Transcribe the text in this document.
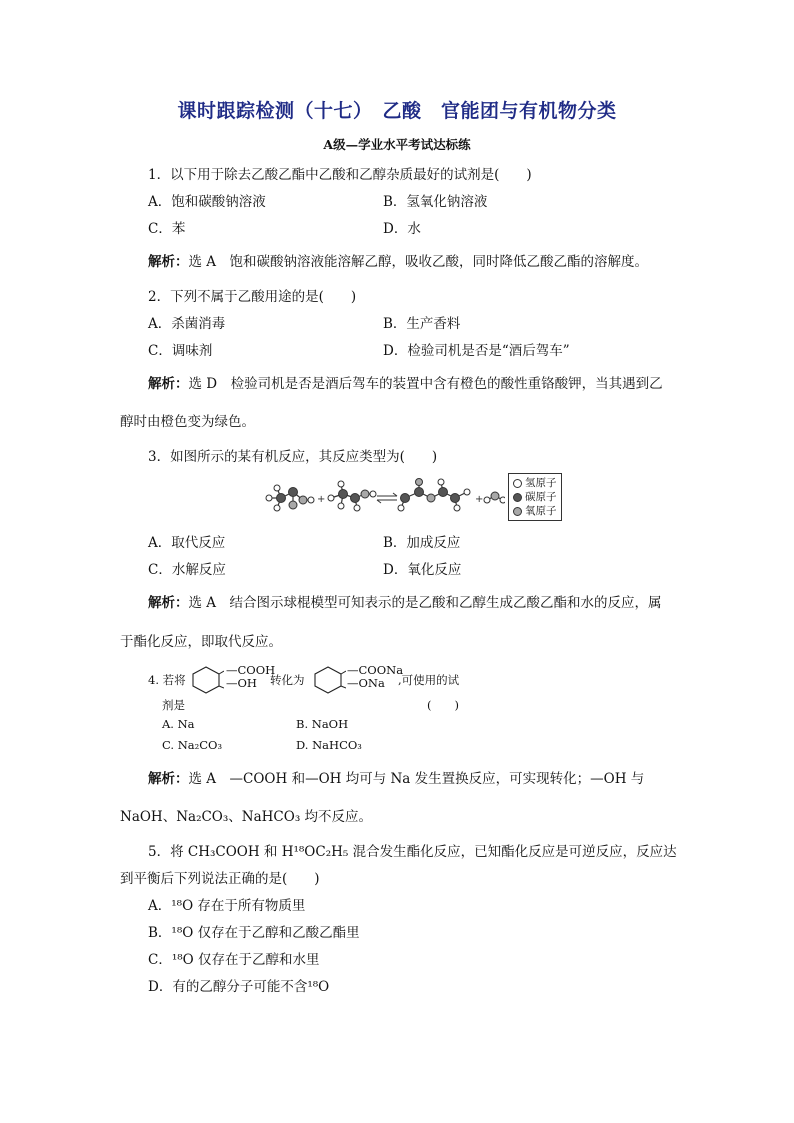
课时跟踪检测（十七）　乙酸　官能团与有机物分类
A级—学业水平考试达标练
1．以下用于除去乙酸乙酯中乙酸和乙醇杂质最好的试剂是(　　)
A．饱和碳酸钠溶液	B．氢氧化钠溶液
C．苯	D．水
解析：选 A　饱和碳酸钠溶液能溶解乙醇，吸收乙酸，同时降低乙酸乙酯的溶解度。
2．下列不属于乙酸用途的是(　　)
A．杀菌消毒	B．生产香料
C．调味剂	D．检验司机是否是“酒后驾车”
解析：选 D　检验司机是否是酒后驾车的装置中含有橙色的酸性重铬酸钾，当其遇到乙
醇时由橙色变为绿色。
3．如图所示的某有机反应，其反应类型为(　　)
+	+
氢原子
碳原子
氧原子
A．取代反应	B．加成反应
C．水解反应	D．氧化反应
解析：选 A　结合图示球棍模型可知表示的是乙酸和乙醇生成乙酸乙酯和水的反应，属
于酯化反应，即取代反应。
4. 若将
—COOH
—OH	转化为
—COONa
—ONa	,可使用的试
剂是	(　　)
A. Na	B. NaOH
C. Na₂CO₃	D. NaHCO₃
解析：选 A　—COOH 和—OH 均可与 Na 发生置换反应，可实现转化；—OH 与
NaOH、Na₂CO₃、NaHCO₃ 均不反应。
5．将 CH₃COOH 和 H¹⁸OC₂H₅ 混合发生酯化反应，已知酯化反应是可逆反应，反应达
到平衡后下列说法正确的是(　　)
A．¹⁸O 存在于所有物质里
B．¹⁸O 仅存在于乙醇和乙酸乙酯里
C．¹⁸O 仅存在于乙醇和水里
D．有的乙醇分子可能不含¹⁸O
